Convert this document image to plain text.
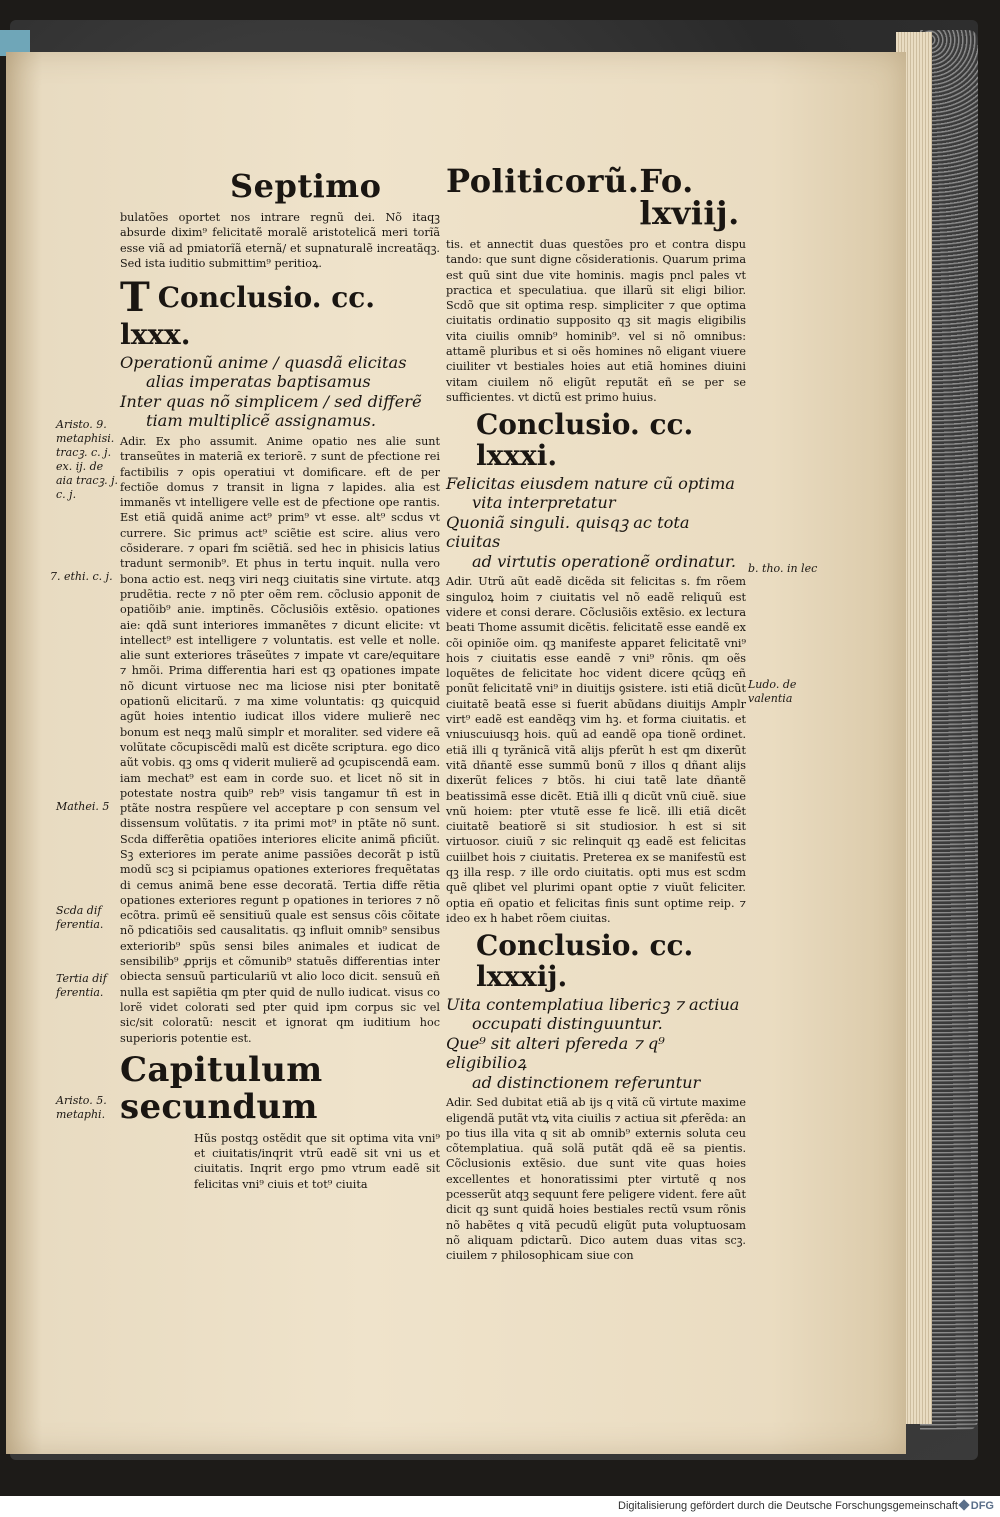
Septimo
bulatões oportet nos intrare regnũ dei. Nõ itaqꝫ absurde dixim⁹ felicitatẽ moralẽ aristotelicã meri torĩã esse viã ad pmiatorĩã eternã/ et supnaturalẽ increatãqꝫ. Sed ista iuditio submittim⁹ peritioꝝ.
T Conclusio. cc. lxxx.
Operationũ anime / quasdã elicitas
alias imperatas baptisamus
Inter quas nõ simplicem / sed differẽ
tiam multiplicẽ assignamus.
Adir. Ex pho assumit. Anime opatio nes alie sunt transeũtes in materiã ex teriorẽ. ⁊ sunt de pfectione rei factibilis ⁊ opis operatiui vt domificare. eft de per fectiõe domus ⁊ transit in ligna ⁊ lapides. alia est immanẽs vt intelligere velle est de pfectione ope rantis. Est etiã quidã anime act⁹ prim⁹ vt esse. alt⁹ scdus vt currere. Sic primus act⁹ sciẽtie est scire. alius vero cõsiderare. ⁊ opari fm sciẽtiã. sed hec in phisicis latius tradunt sermonib⁹. Et phus in tertu inquit. nulla vero bona actio est. neqꝫ viri neqꝫ ciuitatis sine virtute. atqꝫ prudẽtia. recte ⁊ nõ pter oẽm rem. cõclusio apponit de opatiõib⁹ anie. imptinẽs. Cõclusiõis extẽsio. opationes aie: qdã sunt interiores immanẽtes ⁊ dicunt elicite: vt intellect⁹ est intelligere ⁊ voluntatis. est velle et nolle. alie sunt exteriores trãseũtes ⁊ impate vt care/equitare ⁊ hmõi. Prima differentia hari est qꝫ opationes impate nõ dicunt virtuose nec ma liciose nisi pter bonitatẽ opationũ elicitarũ. ⁊ ma xime voluntatis: qꝫ quicquid agũt hoies intentio iudicat illos videre mulierẽ nec bonum est neqꝫ malũ simplr et moraliter. sed videre eã volũtate cõcupiscẽdi malũ est dicẽte scriptura. ego dico aũt vobis. qꝫ oms q viderit mulierẽ ad ꝯcupiscendã eam. iam mechat⁹ est eam in corde suo. et licet nõ sit in potestate nostra quib⁹ reb⁹ visis tangamur tñ est in ptãte nostra respũere vel acceptare p con sensum vel dissensum volũtatis. ⁊ ita primi mot⁹ in ptãte nõ sunt. Scda differẽtia opatiões interiores elicite animã pficiũt. Sꝫ exteriores im perate anime passiões decorãt p istũ modũ scꝫ si pcipiamus opationes exteriores frequẽtatas di cemus animã bene esse decoratã. Tertia diffe rẽtia opationes exteriores regunt p opationes in teriores ⁊ nõ ecõtra. primũ eẽ sensitiuũ quale est sensus cõis cõitate nõ pdicatiõis sed causalitatis. qꝫ influit omnib⁹ sensibus exteriorib⁹ spũs sensi biles animales et iudicat de sensibilib⁹ ꝓprijs et cõmunib⁹ statuẽs differentias inter obiecta sensuũ particulariũ vt alio loco dicit. sensuũ eñ nulla est sapiẽtia qm pter quid de nullo iudicat. visus co lorẽ videt colorati sed pter quid ipm corpus sic vel sic/sit coloratũ: nescit et ignorat qm iuditium hoc superioris potentie est.
Capitulum secundum
Hũs postqꝫ ostẽdit que sit optima vita vni⁹ et ciuitatis/inqrit vtrũ eadẽ sit vni us et ciuitatis. Inqrit ergo pmo vtrum eadẽ sit felicitas vni⁹ ciuis et tot⁹ ciuita
Aristo. 9. metaphisi. tracꝫ. c. j. ex. ij. de aia tracꝫ. j. c. j.
7. ethi. c. j.
Mathei. 5
Scda dif ferentia.
Tertia dif ferentia.
Aristo. 5. metaphi.
Politicorũ. Fo. lxviij.
tis. et annectit duas questões pro et contra dispu tando: que sunt digne cõsiderationis. Quarum prima est quũ sint due vite hominis. magis pncl pales vt practica et speculatiua. que illarũ sit eligi bilior. Scdõ que sit optima resp. simpliciter ⁊ que optima ciuitatis ordinatio supposito qꝫ sit magis eligibilis vita ciuilis omnib⁹ hominib⁹. vel si nõ omnibus: attamẽ pluribus et si oẽs homines nõ eligant viuere ciuiliter vt bestiales hoies aut etiã homines diuini vitam ciuilem nõ eligũt reputãt eñ se per se sufficientes. vt dictũ est primo huius.
Conclusio. cc. lxxxi.
Felicitas eiusdem nature cũ optima
vita interpretatur
Quoniã singuli. quisqꝫ ac tota ciuitas
ad virtutis operationẽ ordinatur.
Adir. Utrũ aũt eadẽ dicẽda sit felicitas s. fm rõem singuloꝝ hoim ⁊ ciuitatis vel nõ eadẽ reliquũ est videre et consi derare. Cõclusiõis extẽsio. ex lectura beati Thome assumit dicẽtis. felicitatẽ esse eandẽ ex cõi opiniõe oim. qꝫ manifeste apparet felicitatẽ vni⁹ hois ⁊ ciuitatis esse eandẽ ⁊ vni⁹ rõnis. qm oẽs loquẽtes de felicitate hoc vident dicere qcũqꝫ eñ ponũt felicitatẽ vni⁹ in diuitijs ꝯsistere. isti etiã dicũt ciuitatẽ beatã esse si fuerit abũdans diuitijs Amplr virt⁹ eadẽ est eandẽqꝫ vim hꝫ. et forma ciuitatis. et vniuscuiusqꝫ hois. quũ ad eandẽ opa tionẽ ordinet. etiã illi q tyrãnicã vitã alijs pferũt h est qm dixerũt vitã dñantẽ esse summũ bonũ ⁊ illos q dñant alijs dixerũt felices ⁊ btõs. hi ciui tatẽ late dñantẽ beatissimã esse dicẽt. Etiã illi q dicũt vnũ ciuẽ. siue vnũ hoiem: pter vtutẽ esse fe licẽ. illi etiã dicẽt ciuitatẽ beatiorẽ si sit studiosior. h est si sit virtuosor. ciuiũ ⁊ sic relinquit qꝫ eadẽ est felicitas cuiilbet hois ⁊ ciuitatis. Preterea ex se manifestũ est qꝫ illa resp. ⁊ ille ordo ciuitatis. opti mus est scdm quẽ qlibet vel plurimi opant optie ⁊ viuũt feliciter. optia eñ opatio et felicitas finis sunt optime reip. ⁊ ideo ex h habet rõem ciuitas.
Conclusio. cc. lxxxij.
Uita contemplatiua libericꝫ ⁊ actiua
occupati distinguuntur.
Que⁹ sit alteri pfereda ⁊ q⁹ eligibilioꝝ
ad distinctionem referuntur
Adir. Sed dubitat etiã ab ijs q vitã cũ virtute maxime eligendã putãt vtꝝ vita ciuilis ⁊ actiua sit ꝓferẽda: an po tius illa vita q sit ab omnib⁹ externis soluta ceu cõtemplatiua. quã solã putãt qdã eẽ sa pientis. Cõclusionis extẽsio. due sunt vite quas hoies excellentes et honoratissimi pter virtutẽ q nos pcesserũt atqꝫ sequunt fere peligere vident. fere aũt dicit qꝫ sunt quidã hoies bestiales rectũ vsum rõnis nõ habẽtes q vitã pecudũ eligũt puta voluptuosam nõ aliquam pdictarũ. Dico autem duas vitas scꝫ. ciuilem ⁊ philosophicam siue con
b. tho. in lec
Ludo. de valentia
Digitalisierung gefördert durch die Deutsche Forschungsgemeinschaft	DFG
